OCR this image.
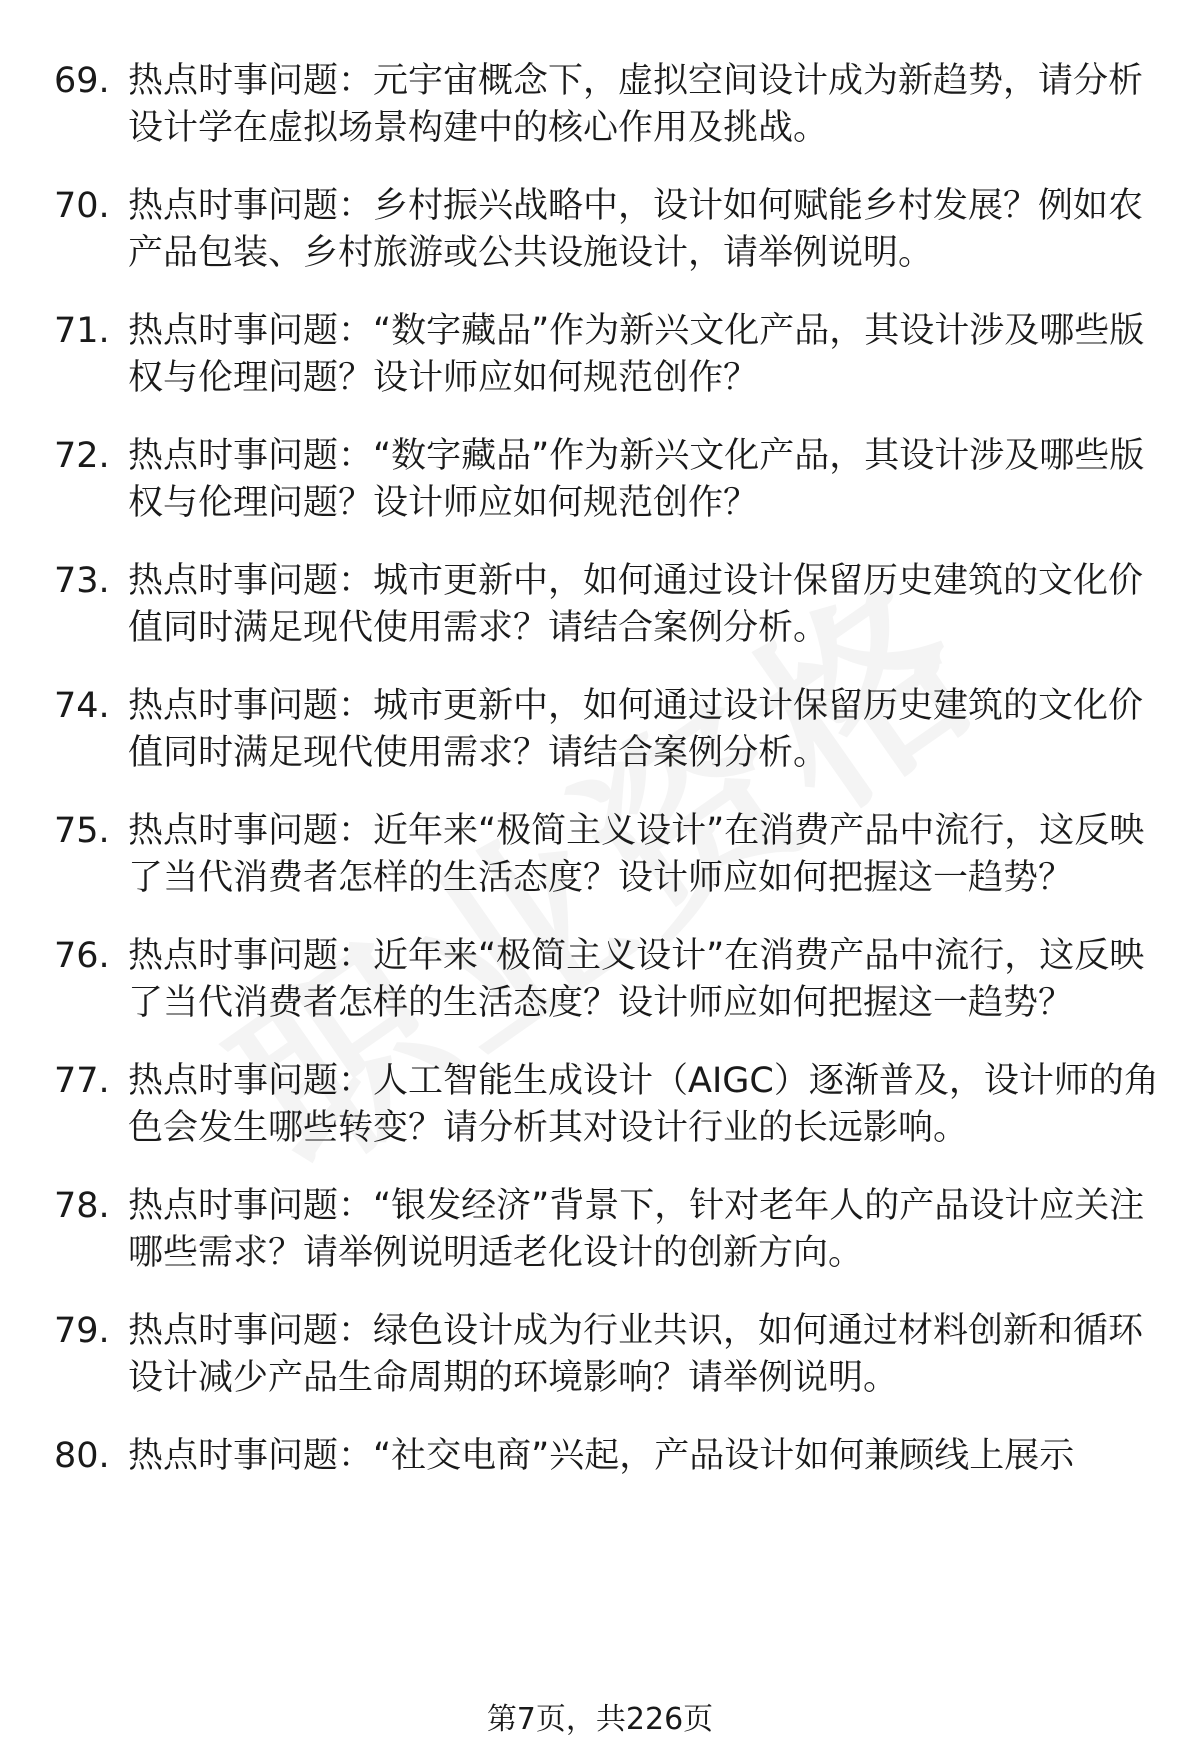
69. 热点时事问题：元宇宙概念下，虚拟空间设计成为新趋势，请分析设计学在虚拟场景构建中的核心作用及挑战。
70. 热点时事问题：乡村振兴战略中，设计如何赋能乡村发展？例如农产品包装、乡村旅游或公共设施设计，请举例说明。
71. 热点时事问题：“数字藏品”作为新兴文化产品，其设计涉及哪些版权与伦理问题？设计师应如何规范创作？
72. 热点时事问题：“数字藏品”作为新兴文化产品，其设计涉及哪些版权与伦理问题？设计师应如何规范创作？
73. 热点时事问题：城市更新中，如何通过设计保留历史建筑的文化价值同时满足现代使用需求？请结合案例分析。
74. 热点时事问题：城市更新中，如何通过设计保留历史建筑的文化价值同时满足现代使用需求？请结合案例分析。
75. 热点时事问题：近年来“极简主义设计”在消费产品中流行，这反映了当代消费者怎样的生活态度？设计师应如何把握这一趋势？
76. 热点时事问题：近年来“极简主义设计”在消费产品中流行，这反映了当代消费者怎样的生活态度？设计师应如何把握这一趋势？
77. 热点时事问题：人工智能生成设计（AIGC）逐渐普及，设计师的角色会发生哪些转变？请分析其对设计行业的长远影响。
78. 热点时事问题：“银发经济”背景下，针对老年人的产品设计应关注哪些需求？请举例说明适老化设计的创新方向。
79. 热点时事问题：绿色设计成为行业共识，如何通过材料创新和循环设计减少产品生命周期的环境影响？请举例说明。
80. 热点时事问题：“社交电商”兴起，产品设计如何兼顾线上展示
第7页，共226页
